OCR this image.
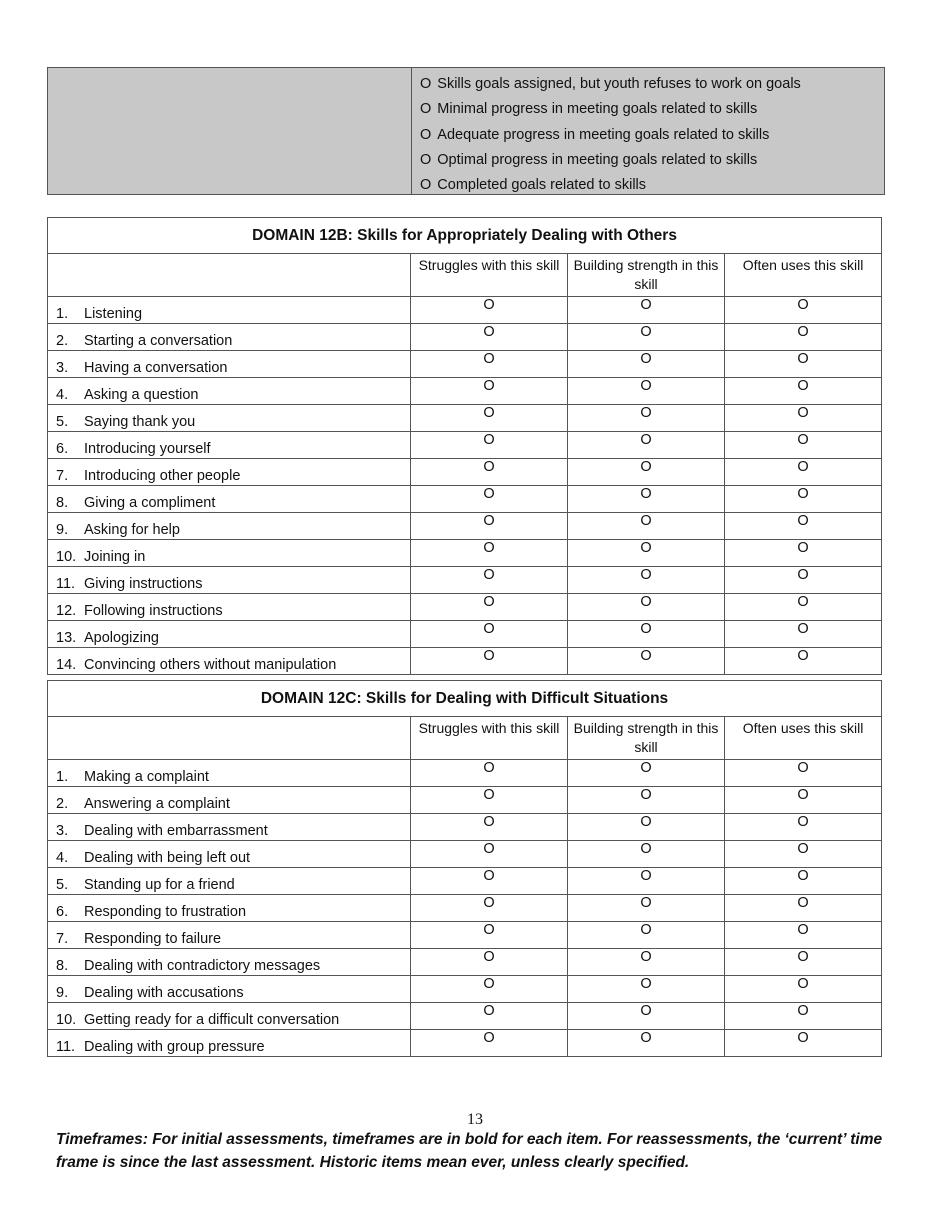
O Skills goals assigned, but youth refuses to work on goals
O Minimal progress in meeting goals related to skills
O Adequate progress in meeting goals related to skills
O Optimal progress in meeting goals related to skills
O Completed goals related to skills
DOMAIN 12B: Skills for Appropriately Dealing with Others			
	Struggles with this skill	Building strength in this skill	Often uses this skill
1. Listening	O	O	O
2. Starting a conversation	O	O	O
3. Having a conversation	O	O	O
4. Asking a question	O	O	O
5. Saying thank you	O	O	O
6. Introducing yourself	O	O	O
7. Introducing other people	O	O	O
8. Giving a compliment	O	O	O
9. Asking for help	O	O	O
10. Joining in	O	O	O
11. Giving instructions	O	O	O
12. Following instructions	O	O	O
13. Apologizing	O	O	O
14. Convincing others without manipulation	O	O	O
DOMAIN 12C: Skills for Dealing with Difficult Situations			
	Struggles with this skill	Building strength in this skill	Often uses this skill
1. Making a complaint	O	O	O
2. Answering a complaint	O	O	O
3. Dealing with embarrassment	O	O	O
4. Dealing with being left out	O	O	O
5. Standing up for a friend	O	O	O
6. Responding to frustration	O	O	O
7. Responding to failure	O	O	O
8. Dealing with contradictory messages	O	O	O
9. Dealing with accusations	O	O	O
10. Getting ready for a difficult conversation	O	O	O
11. Dealing with group pressure	O	O	O
13
Timeframes: For initial assessments, timeframes are in bold for each item. For reassessments, the ‘current’ time frame is since the last assessment. Historic items mean ever, unless clearly specified.
